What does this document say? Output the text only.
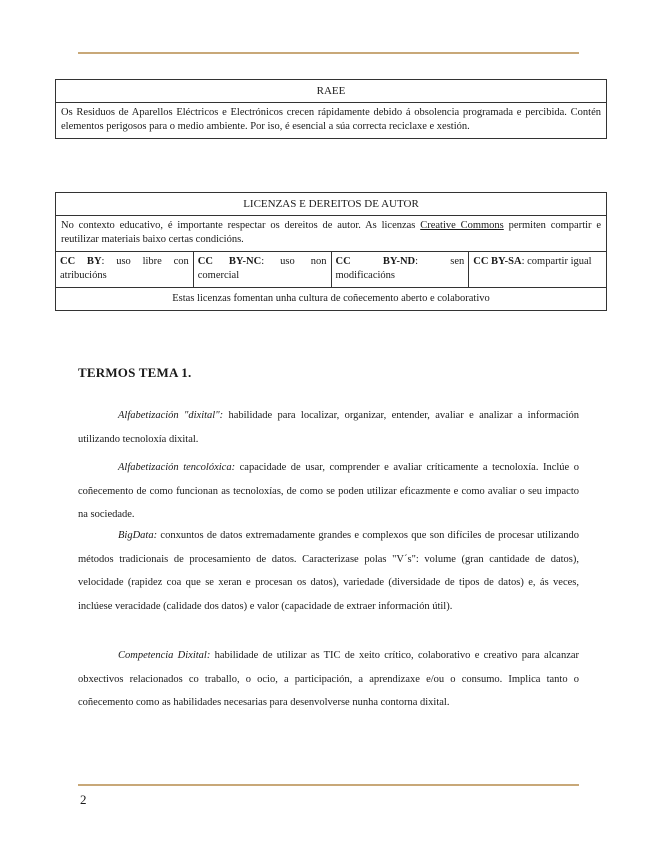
RAEE
Os Residuos de Aparellos Eléctricos e Electrónicos crecen rápidamente debido á obsolencia programada e percibida. Contén elementos perigosos para o medio ambiente. Por iso, é esencial a súa correcta reciclaxe e xestión.
LICENZAS E DEREITOS DE AUTOR
No contexto educativo, é importante respectar os dereitos de autor. As licenzas Creative Commons permiten compartir e reutilizar materiais baixo certas condicións.
CC BY: uso libre con atribucións	CC BY-NC: uso non comercial	CC BY-ND: sen modificacións	CC BY-SA: compartir igual
Estas licenzas fomentan unha cultura de coñecemento aberto e colaborativo
TERMOS TEMA 1.

Alfabetización "dixital": habilidade para localizar, organizar, entender, avaliar e analizar a información utilizando tecnoloxía dixital.

Alfabetización tencolóxica: capacidade de usar, comprender e avaliar críticamente a tecnoloxía. Inclúe o coñecemento de como funcionan as tecnoloxías, de como se poden utilizar eficazmente e como avaliar o seu impacto na sociedade.

BigData: conxuntos de datos extremadamente grandes e complexos que son difíciles de procesar utilizando métodos tradicionais de procesamiento de datos. Caracterizase polas "V´s": volume (gran cantidade de datos), velocidade (rapidez coa que se xeran e procesan os datos), variedade (diversidade de tipos de datos) e, ás veces, inclúese veracidade (calidade dos datos) e valor (capacidade de extraer información útil).

Competencia Dixital: habilidade de utilizar as TIC de xeito crítico, colaborativo e creativo para alcanzar obxectivos relacionados co traballo, o ocio, a participación, a aprendizaxe e/ou o consumo. Implica tanto o coñecemento como as habilidades necesarias para desenvolverse nunha contorna dixital.

2
